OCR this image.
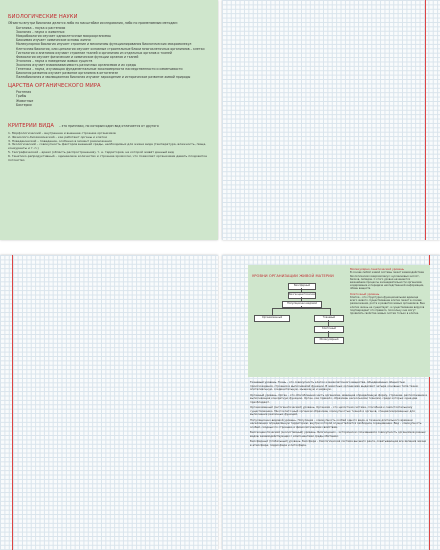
БИОЛОГИЧЕСКИЕ НАУКИ
Объекты внутри биологии делятся либо по масштабам исследования, либо по применяемым методам:
Ботаника – наука о растениях
Зоология – наука о животных
Микробиология изучает одноклеточные микроорганизмы
Биохимия изучает химические основы жизни
Молекулярная биология изучает строение и механизмы функционирования биологических макромолекул
Клеточная биология, или цитология изучает основные строительные блоки многоклеточных организмов – клетки
Гистология и анатомия изучают строение тканей и организма из отдельных органов и тканей
Физиология изучает физические и химические функции органов и тканей
Этология – наука о поведении живых существ
Экология изучает взаимозависимость различных организмов и их среды
Генетика – наука, изучающая фундаментальные закономерности наследственности и изменчивости
Биология развития изучает развитие организма в онтогенезе
Палеобиология и эволюционная биология изучают зарождение и историческое развитие живой природы
ЦАРСТВА ОРГАНИЧЕСКОГО МИРА
Растения
Грибы
Животные
Бактерии
КРИТЕРИИ ВИДА – это признаки, по которым один вид отличается от другого
1. Морфологический – внутреннее и внешнее строение организмов
2. Физиолого-биохимический – как работают органы и клетки
3. Поведенческий – поведение, особенно в момент размножения
4. Экологический – совокупность факторов внешней среды, необходимых для жизни вида (температура, влажность, пища, конкуренты и т. п.)
5. Географический – ареал (область распространения), т. е. территория, на которой живёт данный вид
6. Генетико-репродуктивный – одинаковое количество и строение хромосом, что позволяет организмам давать плодовитое потомство
УРОВНИ ОРГАНИЗАЦИИ ЖИВОЙ МАТЕРИИ
Биосферный
Биогеоценотический
Популяционно-видовой
Организменный	Тканевый
Клеточный
Молекулярный
Молекулярно-генетический уровень
В основе любой живой системы лежит взаимодействие биологических макромолекул: нуклеиновых кислот, белков, липидов. С этого уровня начинаются важнейшие процессы жизнедеятельности организма: кодирование и передача наследственной информации, обмен веществ.
Клеточный уровень
Клетка – это структурно-функциональная единица всего живого. Существование клетки лежит в основе размножения, роста и развития живых организмов. Вне клетки жизнь не существует, а существование вирусов подтверждает это правило, поскольку они могут проявлять свойства живых систем только в клетке.

Тканевый уровень. Ткань – это совокупность клеток и межклеточного вещества, объединённых общностью происхождения, строения и выполняемой функции. В животных организмах выделяют четыре основных типа ткани: эпителиальную, соединительную, мышечную и нервную.

Органный уровень. Орган – это обособленная часть организма, имеющая определённую форму, строение, расположение и выполняющая конкретную функцию. Орган, как правило, образован несколькими тканями, среди которых одна-две преобладают.

Организменный (онтогенетический) уровень. Организм – это целостная система, способная к самостоятельному существованию. Многоклеточный организм образован совокупностью тканей и органов, специализированных для выполнения различных функций.

Популяционно-видовой уровень. Популяция – совокупность особей одного вида, в течение длительного времени населяющих определённую территорию, внутри которой осуществляется свободное скрещивание. Вид – совокупность особей, сходных по строению и физиологическим свойствам.

Биогеоценотический (экосистемный) уровень. Биогеоценоз – исторически сложившаяся совокупность организмов разных видов, взаимодействующих с компонентами среды обитания.

Биосферный (глобальный) уровень. Биосфера – биологическая система высшего ранга, охватывающая все явления жизни в атмосфере, гидросфере и литосфере.
